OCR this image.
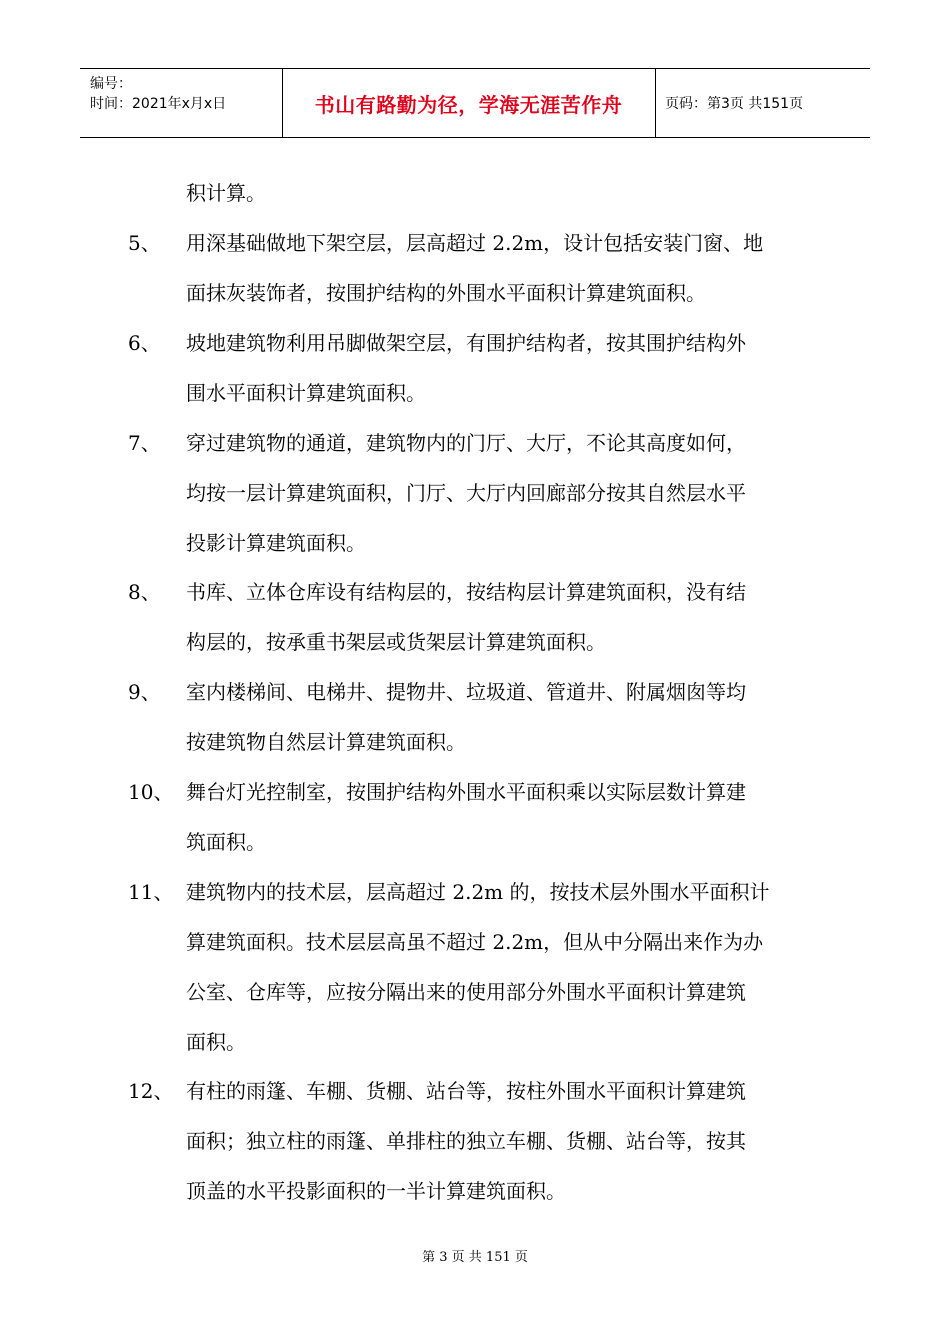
编号：
时间：2021年x月x日	书山有路勤为径，学海无涯苦作舟	页码：第3页 共151页
积计算。
5、 用深基础做地下架空层，层高超过 2.2m，设计包括安装门窗、地
面抹灰装饰者，按围护结构的外围水平面积计算建筑面积。
6、 坡地建筑物利用吊脚做架空层，有围护结构者，按其围护结构外
围水平面积计算建筑面积。
7、 穿过建筑物的通道，建筑物内的门厅、大厅，不论其高度如何，
均按一层计算建筑面积，门厅、大厅内回廊部分按其自然层水平
投影计算建筑面积。
8、 书库、立体仓库设有结构层的，按结构层计算建筑面积，没有结
构层的，按承重书架层或货架层计算建筑面积。
9、 室内楼梯间、电梯井、提物井、垃圾道、管道井、附属烟囱等均
按建筑物自然层计算建筑面积。
10、 舞台灯光控制室，按围护结构外围水平面积乘以实际层数计算建
筑面积。
11、 建筑物内的技术层，层高超过 2.2m 的，按技术层外围水平面积计
算建筑面积。技术层层高虽不超过 2.2m，但从中分隔出来作为办
公室、仓库等，应按分隔出来的使用部分外围水平面积计算建筑
面积。
12、 有柱的雨篷、车棚、货棚、站台等，按柱外围水平面积计算建筑
面积；独立柱的雨篷、单排柱的独立车棚、货棚、站台等，按其
顶盖的水平投影面积的一半计算建筑面积。
第 3 页 共 151 页
